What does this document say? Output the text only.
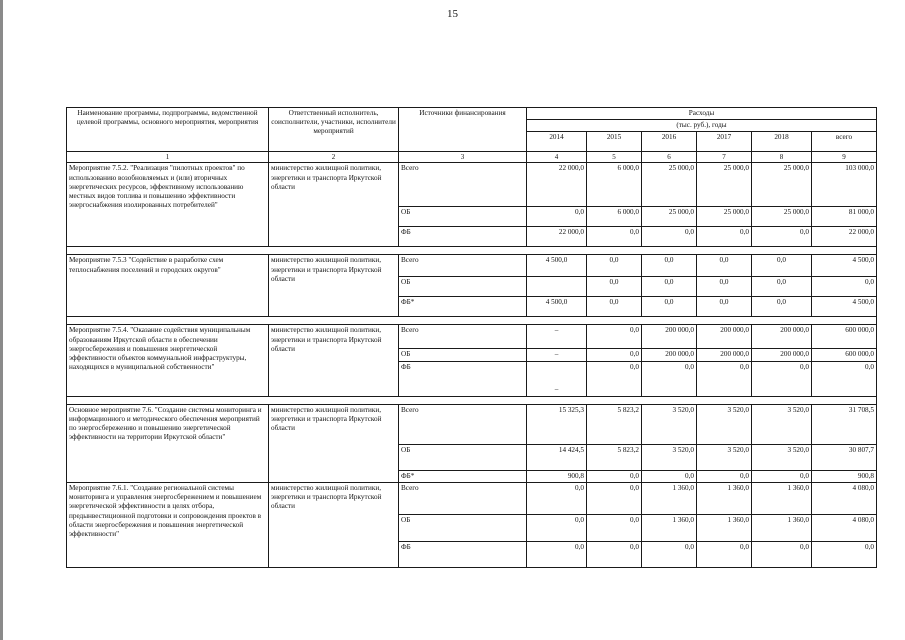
15
Наименование программы, подпрограммы, ведомственной целевой программы, основного мероприятия, мероприятия	Ответственный исполнитель, соисполнители, участники, исполнители мероприятий	Источники финансирования	Расходы					
			(тыс. руб.), годы					
			2014	2015	2016	2017	2018	всего
1	2	3	4	5	6	7	8	9
Мероприятие 7.5.2. "Реализация "пилотных проектов" по использованию возобновляемых и (или) вторичных энергетических ресурсов, эффективному использованию местных видов топлива и повышению эффективности энергоснабжения изолированных потребителей"	министерство жилищной политики, энергетики и транспорта Иркутской области	Всего	22 000,0	6 000,0	25 000,0	25 000,0	25 000,0	103 000,0
		ОБ	0,0	6 000,0	25 000,0	25 000,0	25 000,0	81 000,0
		ФБ	22 000,0	0,0	0,0	0,0	0,0	22 000,0

Мероприятие 7.5.3 "Содействие в разработке схем теплоснабжения поселений и городских округов"	министерство жилищной политики, энергетики и транспорта Иркутской области	Всего	4 500,0	0,0	0,0	0,0	0,0	4 500,0
		ОБ		0,0	0,0	0,0	0,0	0,0
		ФБ*	4 500,0	0,0	0,0	0,0	0,0	4 500,0

Мероприятие 7.5.4. "Оказание содействия муниципальным образованиям Иркутской области в обеспечении энергосбережения и повышения энергетической эффективности объектов коммунальной инфраструктуры, находящихся в муниципальной собственности"	министерство жилищной политики, энергетики и транспорта Иркутской области	Всего	–	0,0	200 000,0	200 000,0	200 000,0	600 000,0
		ОБ	–	0,0	200 000,0	200 000,0	200 000,0	600 000,0
		ФБ	–	0,0	0,0	0,0	0,0	0,0

Основное мероприятие 7.6. "Создание системы мониторинга и информационного и методического обеспечения мероприятий по энергосбережению и повышению энергетической эффективности на территории Иркутской области"	министерство жилищной политики, энергетики и транспорта Иркутской области	Всего	15 325,3	5 823,2	3 520,0	3 520,0	3 520,0	31 708,5
		ОБ	14 424,5	5 823,2	3 520,0	3 520,0	3 520,0	30 807,7
		ФБ*	900,8	0,0	0,0	0,0	0,0	900,8
Мероприятие 7.6.1. "Создание региональной системы мониторинга и управления энергосбережением и повышением энергетической эффективности в целях отбора, предынвестиционной подготовки и сопровождения проектов в области энергосбережения и повышения энергетической эффективности"	министерство жилищной политики, энергетики и транспорта Иркутской области	Всего	0,0	0,0	1 360,0	1 360,0	1 360,0	4 080,0
		ОБ	0,0	0,0	1 360,0	1 360,0	1 360,0	4 080,0
		ФБ	0,0	0,0	0,0	0,0	0,0	0,0
